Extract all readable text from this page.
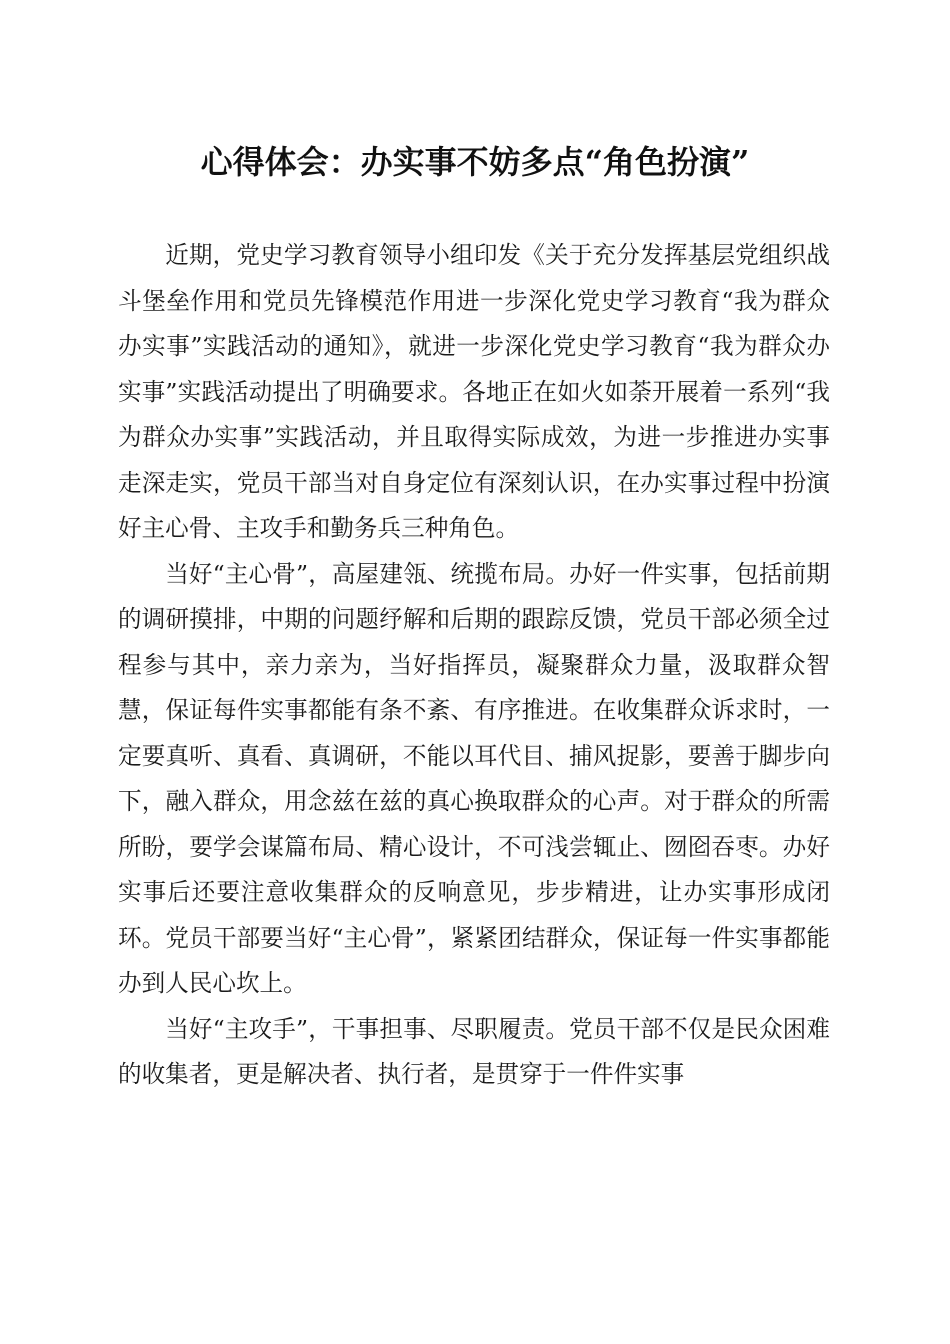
心得体会：办实事不妨多点“角色扮演”

近期，党史学习教育领导小组印发《关于充分发挥基层党组织战斗堡垒作用和党员先锋模范作用进一步深化党史学习教育“我为群众办实事”实践活动的通知》，就进一步深化党史学习教育“我为群众办实事”实践活动提出了明确要求。各地正在如火如荼开展着一系列“我为群众办实事”实践活动，并且取得实际成效，为进一步推进办实事走深走实，党员干部当对自身定位有深刻认识，在办实事过程中扮演好主心骨、主攻手和勤务兵三种角色。

当好“主心骨”，高屋建瓴、统揽布局。办好一件实事，包括前期的调研摸排，中期的问题纾解和后期的跟踪反馈，党员干部必须全过程参与其中，亲力亲为，当好指挥员，凝聚群众力量，汲取群众智慧，保证每件实事都能有条不紊、有序推进。在收集群众诉求时，一定要真听、真看、真调研，不能以耳代目、捕风捉影，要善于脚步向下，融入群众，用念兹在兹的真心换取群众的心声。对于群众的所需所盼，要学会谋篇布局、精心设计，不可浅尝辄止、囫囵吞枣。办好实事后还要注意收集群众的反响意见，步步精进，让办实事形成闭环。党员干部要当好“主心骨”，紧紧团结群众，保证每一件实事都能办到人民心坎上。

当好“主攻手”，干事担事、尽职履责。党员干部不仅是民众困难的收集者，更是解决者、执行者，是贯穿于一件件实事
